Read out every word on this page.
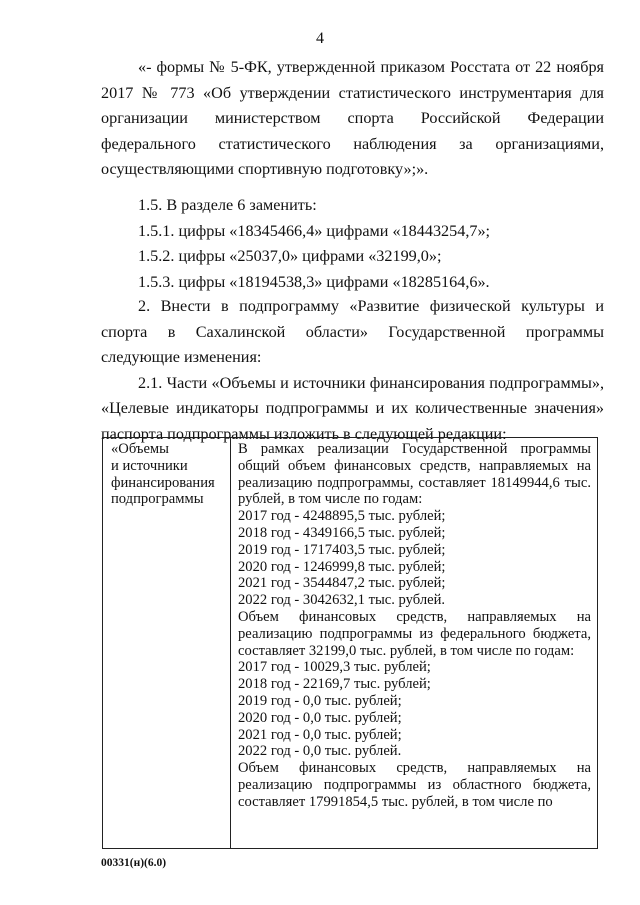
4

«- формы № 5-ФК, утвержденной приказом Росстата от 22 ноября 2017 № 773 «Об утверждении статистического инструментария для организации министерством спорта Российской Федерации федерального статистического наблюдения за организациями, осуществляющими спортивную подготовку»;».

1.5. В разделе 6 заменить:

1.5.1. цифры «18345466,4» цифрами «18443254,7»;

1.5.2. цифры «25037,0» цифрами «32199,0»;

1.5.3. цифры «18194538,3» цифрами «18285164,6».

2. Внести в подпрограмму «Развитие физической культуры и спорта в Сахалинской области» Государственной программы следующие изменения:

2.1. Части «Объемы и источники финансирования подпрограммы», «Целевые индикаторы подпрограммы и их количественные значения» паспорта подпрограммы изложить в следующей редакции:

«Объемы
и источники
финансирования
подпрограммы
В рамках реализации Государственной программы общий объем финансовых средств, направляемых на реализацию подпрограммы, составляет 18149944,6 тыс. рублей, в том числе по годам:
2017 год - 4248895,5 тыс. рублей;
2018 год - 4349166,5 тыс. рублей;
2019 год - 1717403,5 тыс. рублей;
2020 год - 1246999,8 тыс. рублей;
2021 год - 3544847,2 тыс. рублей;
2022 год - 3042632,1 тыс. рублей.
Объем финансовых средств, направляемых на реализацию подпрограммы из федерального бюджета, составляет 32199,0 тыс. рублей, в том числе по годам:
2017 год - 10029,3 тыс. рублей;
2018 год - 22169,7 тыс. рублей;
2019 год - 0,0 тыс. рублей;
2020 год - 0,0 тыс. рублей;
2021 год - 0,0 тыс. рублей;
2022 год - 0,0 тыс. рублей.
Объем финансовых средств, направляемых на реализацию подпрограммы из областного бюджета, составляет 17991854,5 тыс. рублей, в том числе по
00331(н)(6.0)
